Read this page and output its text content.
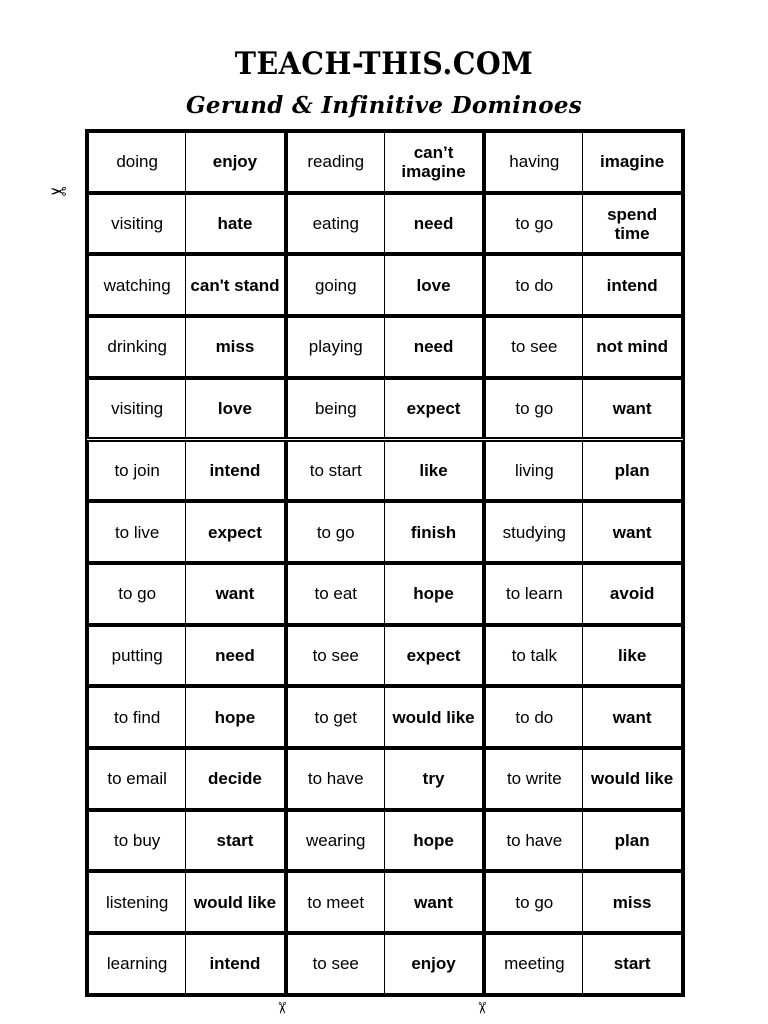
TEACH-THIS.COM
Gerund & Infinitive Dominoes
✂
doing	enjoy	reading	can’t imagine	having	imagine
visiting	hate	eating	need	to go	spend time
watching	can't stand	going	love	to do	intend
drinking	miss	playing	need	to see	not mind
visiting	love	being	expect	to go	want
to join	intend	to start	like	living	plan
to live	expect	to go	finish	studying	want
to go	want	to eat	hope	to learn	avoid
putting	need	to see	expect	to talk	like
to find	hope	to get	would like	to do	want
to email	decide	to have	try	to write	would like
to buy	start	wearing	hope	to have	plan
listening	would like	to meet	want	to go	miss
learning	intend	to see	enjoy	meeting	start
✂	✂
